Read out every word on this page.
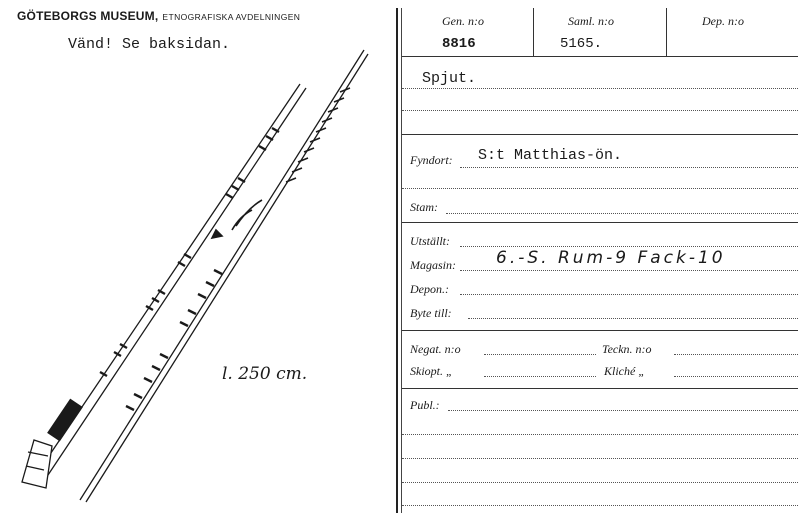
GÖTEBORGS MUSEUM, ETNOGRAFISKA AVDELNINGEN
Vänd! Se baksidan.
l. 250 cm.
Gen. n:o
8816
Saml. n:o
5165.
Dep. n:o
Spjut.
Fyndort: S:t Matthias-ön.
Stam:
Utställt:
Magasin: 6.-S. Rum-9 Fack-10
Depon.:
Byte till:
Negat. n:o	Teckn. n:o
Skiopt. „	Kliché „
Publ.:
